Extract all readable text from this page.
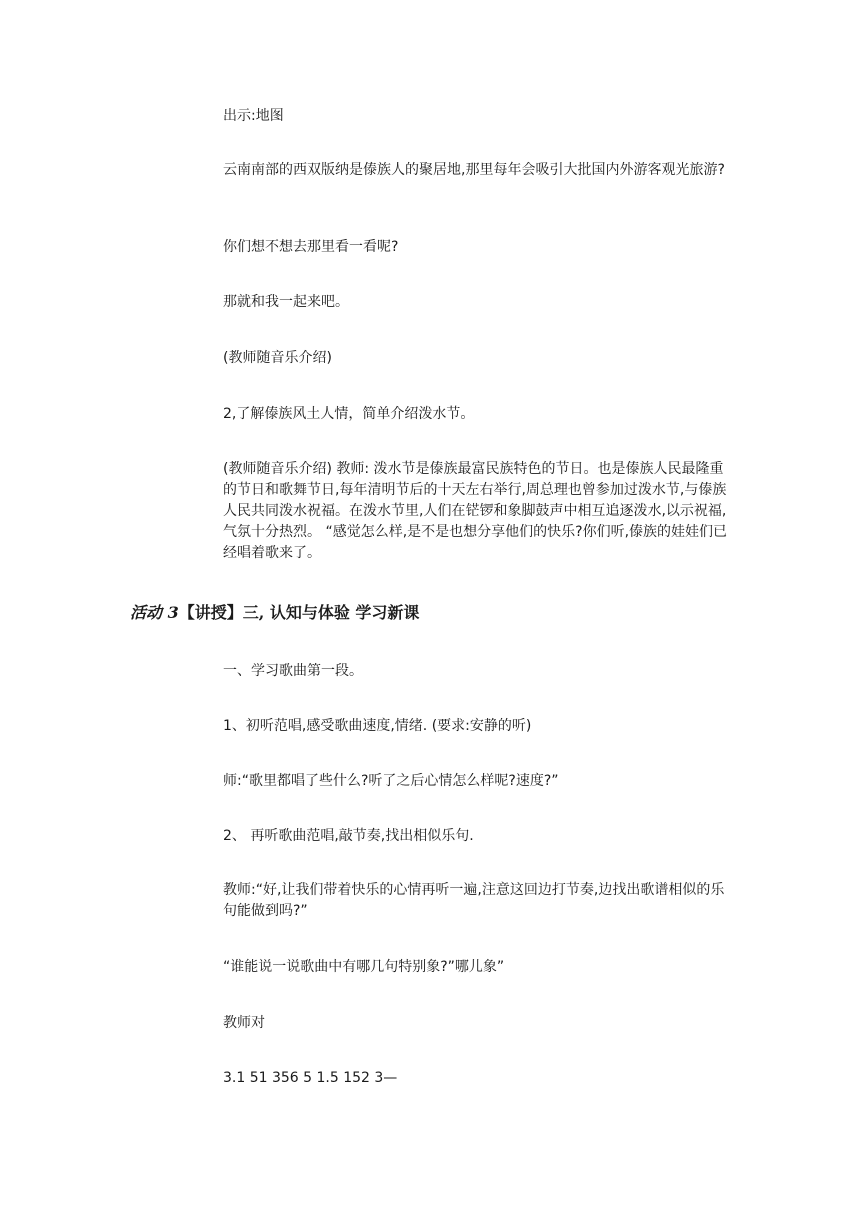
出示:地图

云南南部的西双版纳是傣族人的聚居地,那里每年会吸引大批国内外游客观光旅游?

你们想不想去那里看一看呢?

那就和我一起来吧。

(教师随音乐介绍)

2,了解傣族风土人情，简单介绍泼水节。

(教师随音乐介绍) 教师: 泼水节是傣族最富民族特色的节日。也是傣族人民最隆重的节日和歌舞节日,每年清明节后的十天左右举行,周总理也曾参加过泼水节,与傣族人民共同泼水祝福。在泼水节里,人们在铓锣和象脚鼓声中相互追逐泼水,以示祝福,气氛十分热烈。 “感觉怎么样,是不是也想分享他们的快乐?你们听,傣族的娃娃们已经唱着歌来了。

活动 3【讲授】三, 认知与体验 学习新课

一、学习歌曲第一段。

1、初听范唱,感受歌曲速度,情绪. (要求:安静的听)

师:“歌里都唱了些什么?听了之后心情怎么样呢?速度?”

2、 再听歌曲范唱,敲节奏,找出相似乐句.

教师:“好,让我们带着快乐的心情再听一遍,注意这回边打节奏,边找出歌谱相似的乐句能做到吗?”

“谁能说一说歌曲中有哪几句特别象?”哪儿象”

教师对

3.1 51 356 5 1.5 152 3—
